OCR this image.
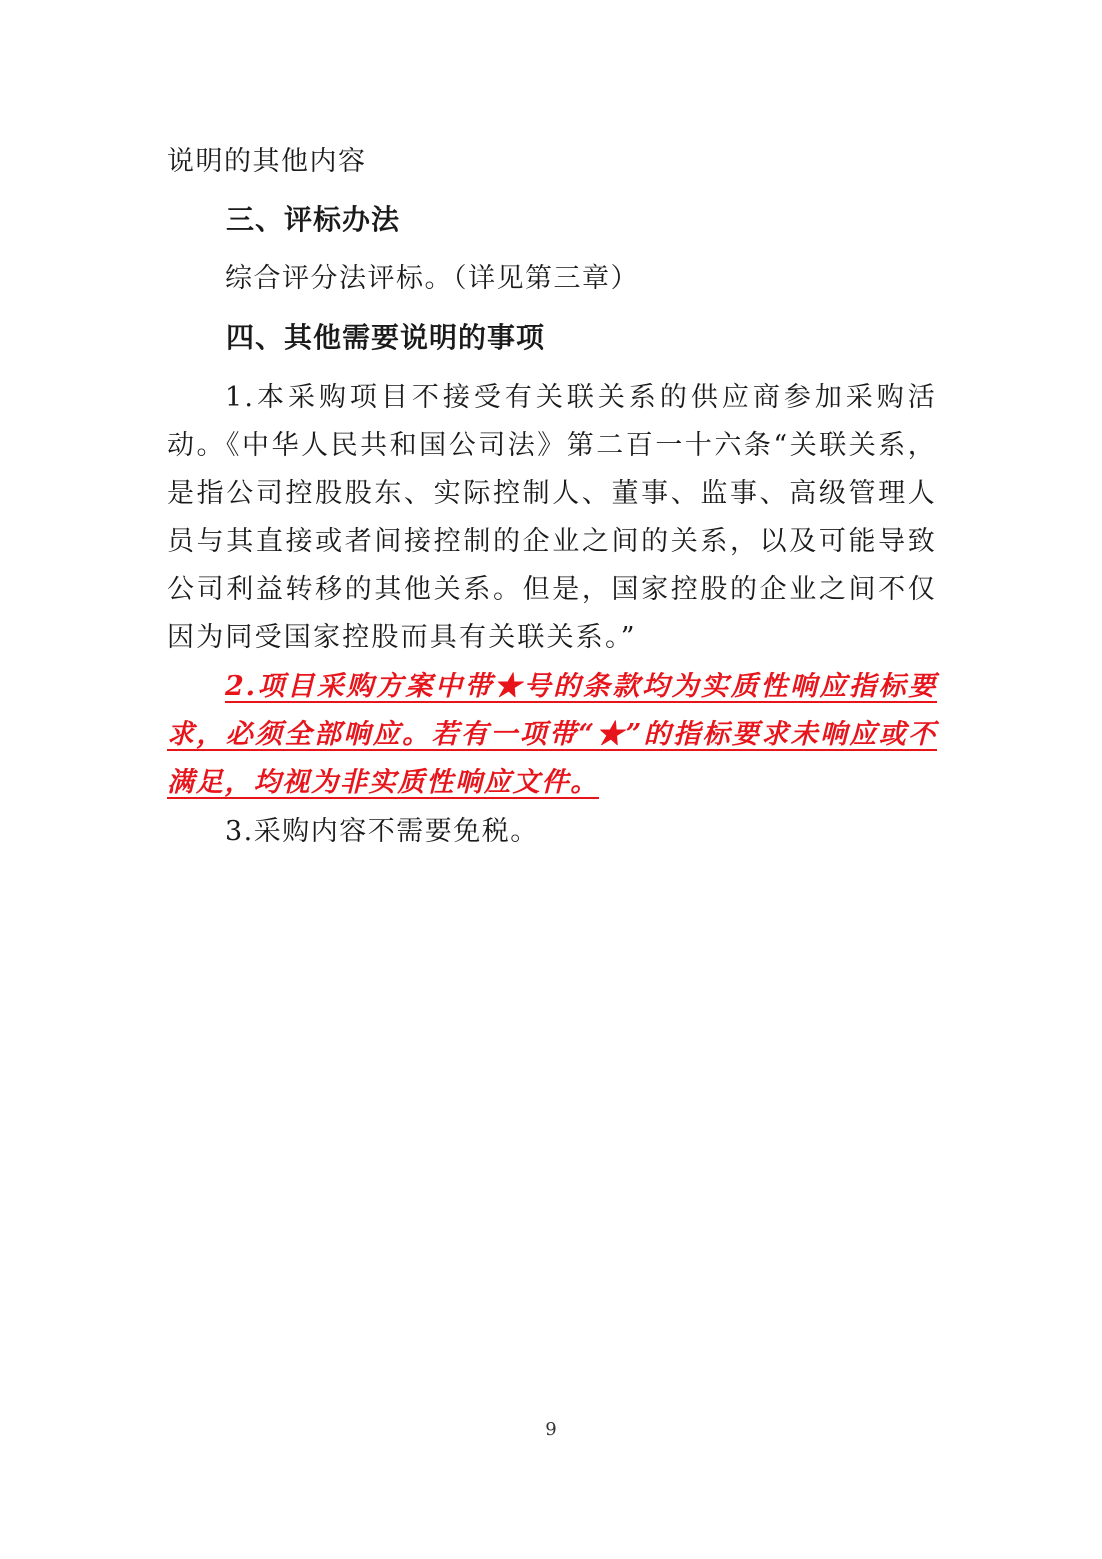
说明的其他内容

三、评标办法

综合评分法评标。（详见第三章）

四、其他需要说明的事项

1.本采购项目不接受有关联关系的供应商参加采购活动。《中华人民共和国公司法》第二百一十六条“关联关系，是指公司控股股东、实际控制人、董事、监事、高级管理人员与其直接或者间接控制的企业之间的关系，以及可能导致公司利益转移的其他关系。但是，国家控股的企业之间不仅因为同受国家控股而具有关联关系。”

2.项目采购方案中带★号的条款均为实质性响应指标要求，必须全部响应。若有一项带“★”的指标要求未响应或不满足，均视为非实质性响应文件。

3.采购内容不需要免税。

9
